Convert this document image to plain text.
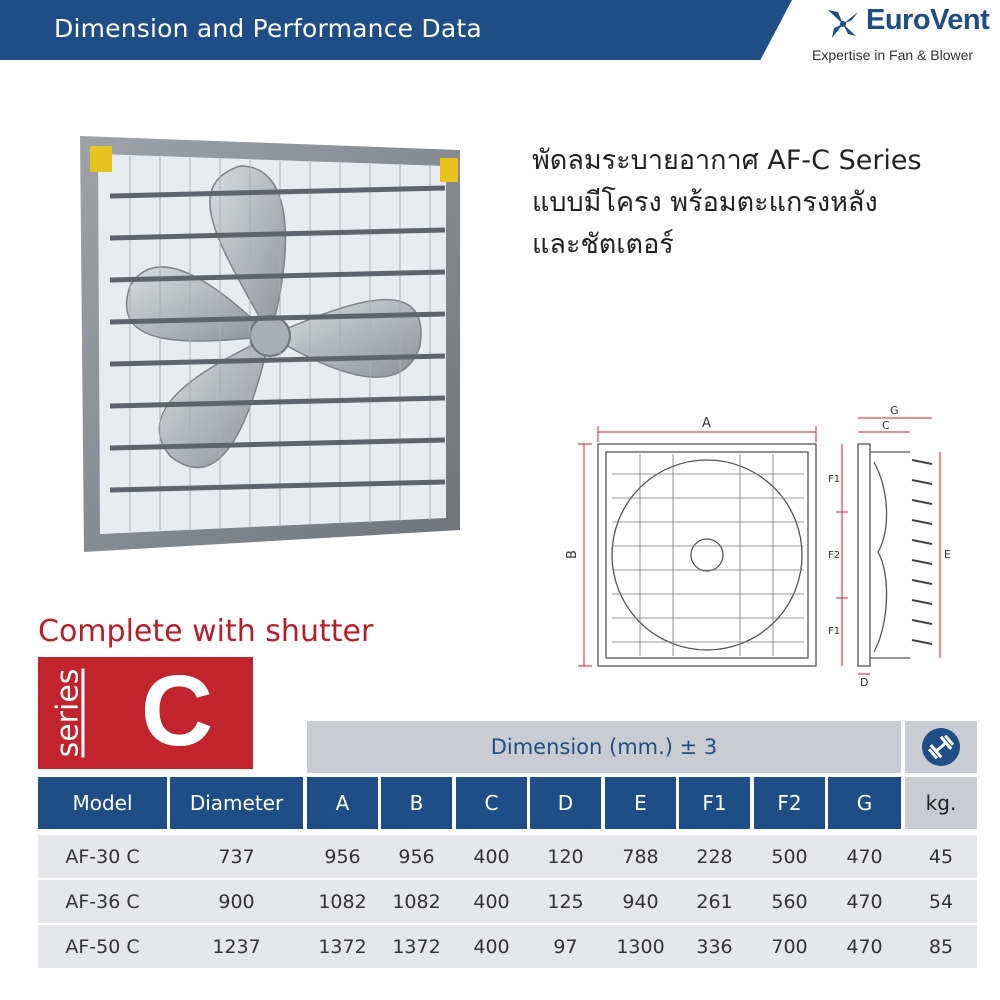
Dimension and Performance Data	EuroVent
Expertise in Fan & Blower
พัดลมระบายอากาศ AF-C Series
แบบมีโครง พร้อมตะแกรงหลัง
และชัตเตอร์
A
B
G
C
F1
F2
F1
E
D
Complete with shutter
series C	Dimension (mm.) ± 3
Model	Diameter	A	B	C	D	E	F1	F2	G	kg.
AF-30 C	737	956	956	400	120	788	228	500	470	45
AF-36 C	900	1082	1082	400	125	940	261	560	470	54
AF-50 C	1237	1372	1372	400	97	1300	336	700	470	85
